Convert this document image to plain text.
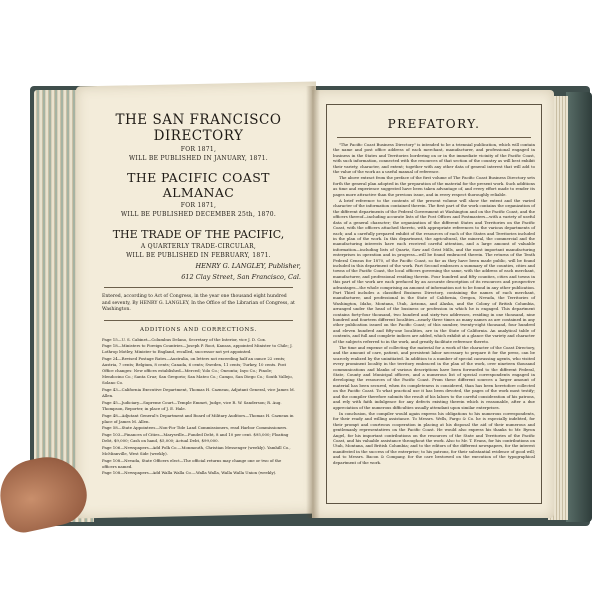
THE SAN FRANCISCO DIRECTORY
FOR 1871,
WILL BE PUBLISHED IN JANUARY, 1871.
THE PACIFIC COAST ALMANAC
FOR 1871,
WILL BE PUBLISHED DECEMBER 25th, 1870.
THE TRADE OF THE PACIFIC,
A QUARTERLY TRADE-CIRCULAR,
WILL BE PUBLISHED IN FEBRUARY, 1871.
HENRY G. LANGLEY, Publisher,
612 Clay Street, San Francisco, Cal.
Entered, according to Act of Congress, in the year one thousand eight hundred and seventy, By HENRY G. LANGLEY, In the Office of the Librarian of Congress, at Washington.
ADDITIONS AND CORRECTIONS.
Page 15—U. S. Cabinet—Columbus Delano, Secretary of the Interior, vice J. D. Cox.
Page 18—Ministers to Foreign Countries—Joseph P. Root, Kansas, appointed Minister to Chile; J. Lothrop Motley, Minister to England, recalled, successor not yet appointed.
Page 24—Revised Postage Rates—Australia, on letters not exceeding half an ounce 22 cents; Austria, 7 cents; Belgium, 8 cents; Canada, 6 cents; Sweden, 11 cents; Turkey, 10 cents. Post Office changes: New offices established—Merced; Yolo Co.; Oneonta; Inyo Co.; Pinole; Mendocino Co.; Santa Cruz; San Gregorio; San Mateo Co.; Campo, San Diego Co.; South Vallejo, Solano Co.
Page 43—California Executive Department, Thomas H. Cazneau, Adjutant General, vice James M. Allen.
Page 45—Judiciary—Supreme Court—Temple Emmet, Judge, vice R. W. Sanderson; R. Aug. Thompson, Reporter, in place of J. E. Hale.
Page 48—Adjutant General's Department and Board of Military Auditors—Thomas H. Cazneau in place of James M. Allen.
Page 58—State Appointees—Non-For Tide Land Commissioners, read Harbor Commissioners.
Page 103—Finances of Cities—Marysville—Funded Debt, 8 and 10 per cent. $95,000; Floating Debt, $9,000; Cash on hand, $5,000; Actual Debt, $99,000.
Page 106—Newspapers—Add Polk Co.—Monmouth, Christian Messenger (weekly). Yamhill Co., McMinnville, West Side (weekly).
Page 108—Nevada, State Officers elect—The official returns may change one or two of the officers named.
Page 108—Newspapers—Add Walla Walla Co.—Walla Walla, Walla Walla Union (weekly).
PREFATORY.
"The Pacific Coast Business Directory" is intended to be a triennial publication, which will contain the name and post office address of each merchant, manufacturer, and professional engaged in business in the States and Territories bordering on or in the immediate vicinity of the Pacific Coast, with such information, connected with the resources of that section of the country as will best exhibit their variety, character, and extent; together with any other data of general interest that will add to the value of the work as a useful manual of reference.
The above extract from the preface of the first volume of The Pacific Coast Business Directory sets forth the general plan adopted in the preparation of the material for the present work. Such additions as time and experience suggested have been taken advantage of, and every effort made to render its pages more attractive than the previous issue, and in every respect thoroughly reliable.
A brief reference to the contents of the present volume will show the extent and the varied character of the information contained therein. The first part of the work contains the organization of the different departments of the Federal Government at Washington and on the Pacific Coast, and the officers thereof—including accurate lists of the Post Offices and Postmasters—with a variety of useful data of a general character; the organization of the different States and Territories on the Pacific Coast, with the officers attached thereto, with appropriate references to the various departments of each; and a carefully prepared exhibit of the resources of each of the States and Territories included in the plan of the work. In this department, the agricultural, the mineral, the commercial and the manufacturing interests have each received careful attention, and a large amount of valuable information—including lists of Quartz, Saw and Grist Mills, and the most important manufacturing enterprises in operation and in progress—will be found embraced therein. The returns of the Tenth Federal Census for 1870, of the Pacific Coast, so far as they have been made public, will be found included in this department of the work. Part Second embraces a summary of the counties, cities and towns of the Pacific Coast, the local officers governing the same, with the address of each merchant, manufacturer, and professional residing therein. Four hundred and fifty counties, cities and towns in this part of the work are each prefaced by an accurate description of its resources and prospective advantages—the whole comprising an amount of information not to be found in any other publication. Part Third includes a classified Business Directory, containing the names of each merchant, manufacturer, and professional in the State of California, Oregon, Nevada, the Territories of Washington, Idaho, Montana, Utah, Arizona, and Alaska, and the Colony of British Columbia, arranged under the head of the business or profession in which he is engaged. This department contains forty-four thousand, two hundred and sixty-two addresses, residing in one thousand, nine hundred and fourteen different localities—nearly three times as many names as are contained in any other publication issued on the Pacific Coast; of this number, twenty-eight thousand, four hundred and eleven hundred and fifty-one localities, are in the State of California. An analytical table of contents, and full and complete indices are added, which exhibit at a glance the variety and character of the subjects referred to in the work, and greatly facilitate reference thereto.
The time and expense of collecting the material for a work of the character of the Coast Directory, and the amount of care, patient, and persistent labor necessary to prepare it for the press, can be scarcely realized by the uninitiated. In addition to a number of special canvassing agents, who visited every prominent locality in the territory embraced in the plan of the work, over nineteen thousand communications and blanks of various descriptions have been forwarded to the different Federal, State, County and Municipal officers, and a numerous list of special correspondents engaged in developing the resources of the Pacific Coast. From these different sources a larger amount of material has been secured, when its completeness is considered, than has been heretofore collected on the Pacific Coast. To what practical use it has been devoted, the pages of the work most testify; and the compiler therefore submits the result of his labors to the careful consideration of his patrons, and rely with faith indulgence for any defects existing therein which is reasonable, after a due appreciation of the numerous difficulties usually attendant upon similar enterprises.
In conclusion, the compiler would again express his obligations to his numerous correspondents, for their ready and willing assistance. To Messrs. Wells, Fargo & Co. he is especially indebted, for their prompt and courteous cooperation in placing at his disposal the aid of their numerous and gentlemanly representatives on the Pacific Coast. He would also express his thanks to Mr. Byron Angel, for his important contributions on the resources of the State and Territories of the Pacific Coast, and his valuable assistance throughout the work. Also to Mr. T. Evans, for his contributions on Utah, Montana, and British Columbia; and to the editors of the different newspapers, for the interest manifested in the success of the enterprise; to his patrons, for their substantial evidence of good will; and to Messrs. Bacon & Company, for the care bestowed on the execution of the typographical department of the work.
